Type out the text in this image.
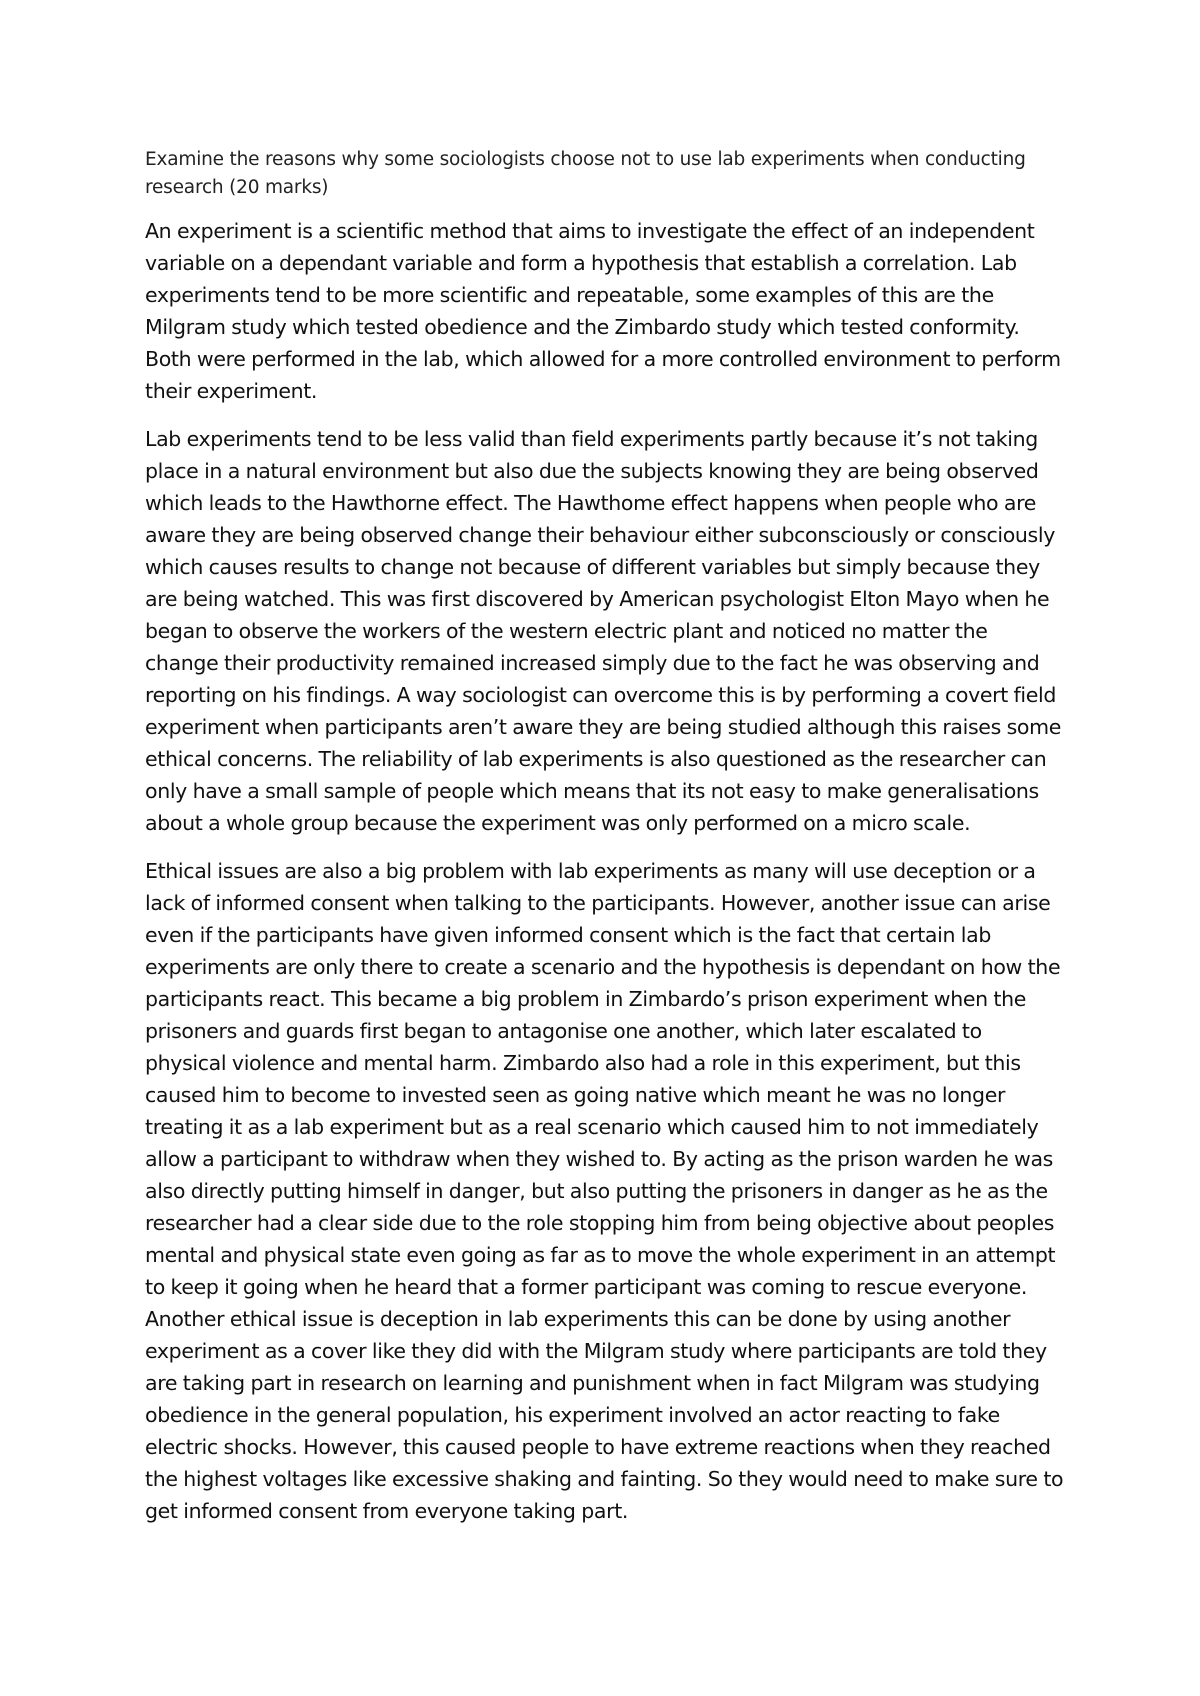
Examine the reasons why some sociologists choose not to use lab experiments when conducting research (20 marks)

An experiment is a scientific method that aims to investigate the effect of an independent variable on a dependant variable and form a hypothesis that establish a correlation. Lab experiments tend to be more scientific and repeatable, some examples of this are the Milgram study which tested obedience and the Zimbardo study which tested conformity. Both were performed in the lab, which allowed for a more controlled environment to perform their experiment.

Lab experiments tend to be less valid than field experiments partly because it’s not taking place in a natural environment but also due the subjects knowing they are being observed which leads to the Hawthorne effect. The Hawthome effect happens when people who are aware they are being observed change their behaviour either subconsciously or consciously which causes results to change not because of different variables but simply because they are being watched. This was first discovered by American psychologist Elton Mayo when he began to observe the workers of the western electric plant and noticed no matter the change their productivity remained increased simply due to the fact he was observing and reporting on his findings. A way sociologist can overcome this is by performing a covert field experiment when participants aren’t aware they are being studied although this raises some ethical concerns. The reliability of lab experiments is also questioned as the researcher can only have a small sample of people which means that its not easy to make generalisations about a whole group because the experiment was only performed on a micro scale.

Ethical issues are also a big problem with lab experiments as many will use deception or a lack of informed consent when talking to the participants. However, another issue can arise even if the participants have given informed consent which is the fact that certain lab experiments are only there to create a scenario and the hypothesis is dependant on how the participants react. This became a big problem in Zimbardo’s prison experiment when the prisoners and guards first began to antagonise one another, which later escalated to physical violence and mental harm. Zimbardo also had a role in this experiment, but this caused him to become to invested seen as going native which meant he was no longer treating it as a lab experiment but as a real scenario which caused him to not immediately allow a participant to withdraw when they wished to. By acting as the prison warden he was also directly putting himself in danger, but also putting the prisoners in danger as he as the researcher had a clear side due to the role stopping him from being objective about peoples mental and physical state even going as far as to move the whole experiment in an attempt to keep it going when he heard that a former participant was coming to rescue everyone. Another ethical issue is deception in lab experiments this can be done by using another experiment as a cover like they did with the Milgram study where participants are told they are taking part in research on learning and punishment when in fact Milgram was studying obedience in the general population, his experiment involved an actor reacting to fake electric shocks. However, this caused people to have extreme reactions when they reached the highest voltages like excessive shaking and fainting. So they would need to make sure to get informed consent from everyone taking part.
